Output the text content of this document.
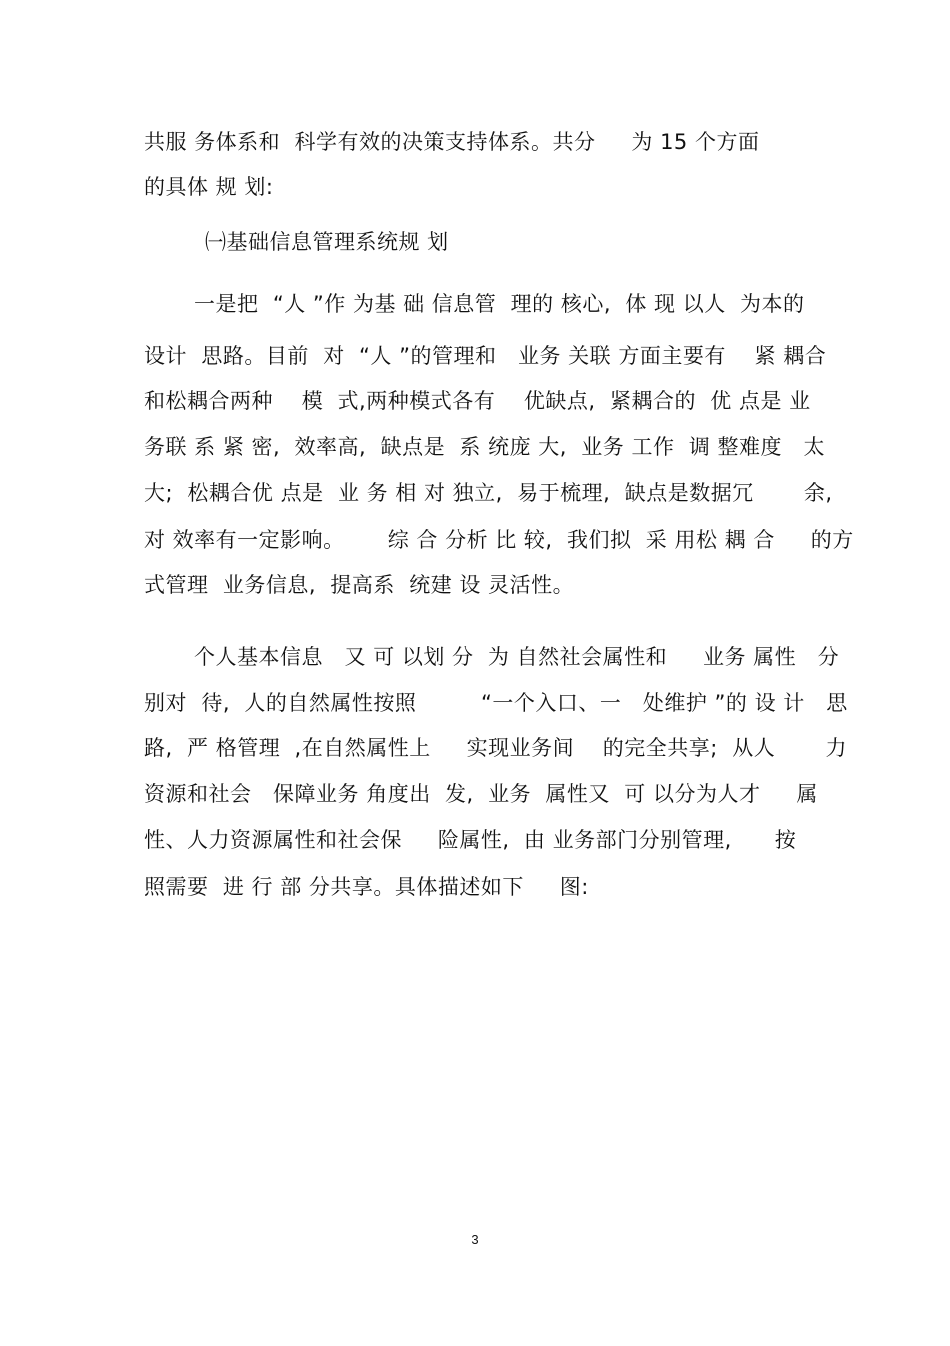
共服 务体系和  科学有效的决策支持体系。共分     为 15 个方面
的具体 规 划:
㈠基础信息管理系统规 划
一是把  “人 ”作 为基 础 信息管  理的 核心,  体 现 以人  为本的
设计  思路。目前  对  “人 ”的管理和   业务 关联 方面主要有    紧 耦合
和松耦合两种    模  式,两种模式各有    优缺点,  紧耦合的  优 点是 业
务联 系 紧 密,  效率高,  缺点是  系 统庞 大,  业务 工作  调 整难度   太
大;  松耦合优 点是  业 务 相 对 独立,  易于梳理,  缺点是数据冗       余,
对 效率有一定影响。      综 合 分析 比 较,  我们拟  采 用松 耦 合     的方
式管理  业务信息,  提高系  统建 设 灵活性。
个人基本信息   又 可 以划 分  为 自然社会属性和     业务 属性   分
别对  待,  人的自然属性按照         “一个入口、一   处维护 ”的 设 计   思
路,  严 格管理  ,在自然属性上     实现业务间    的完全共享;  从人       力
资源和社会   保障业务 角度出  发,  业务  属性又  可 以分为人才     属
性、人力资源属性和社会保     险属性,  由 业务部门分别管理,      按
照需要  进 行 部 分共享。具体描述如下     图:
3
